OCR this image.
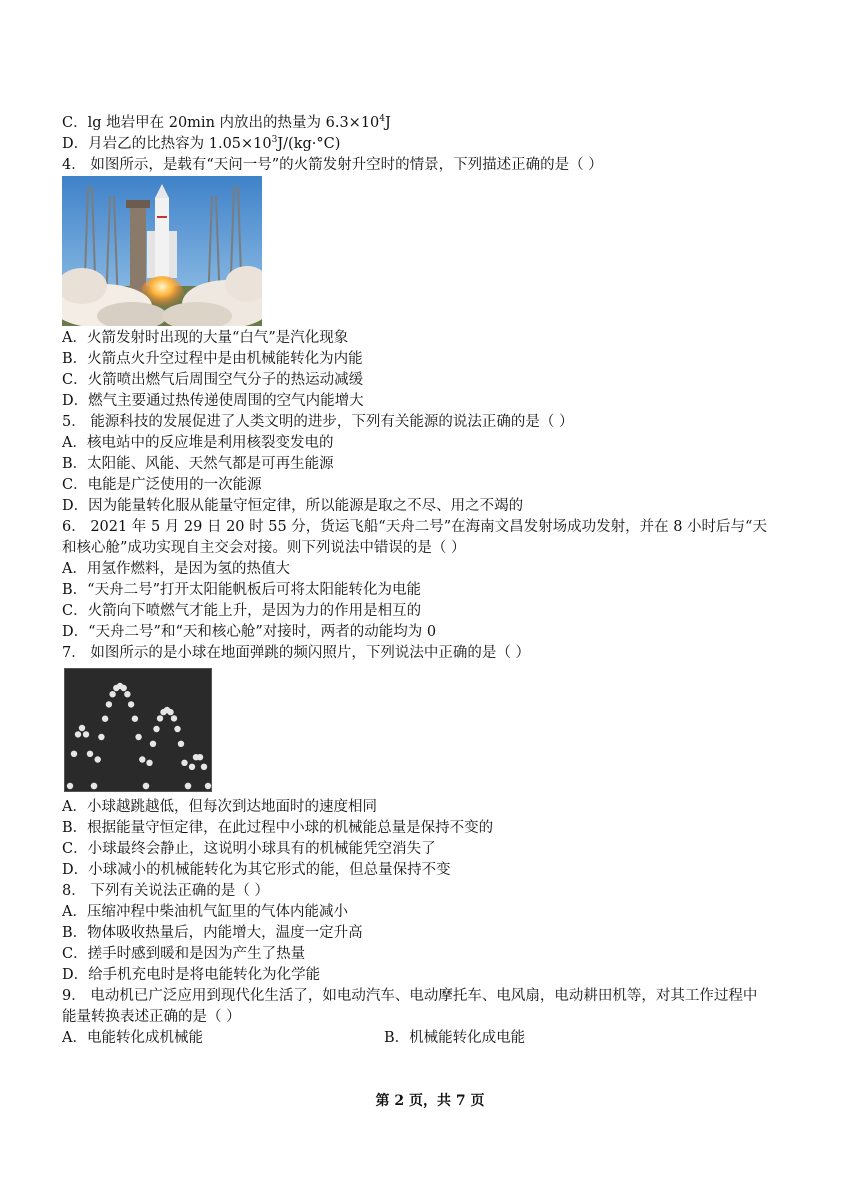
C．lg 地岩甲在 20min 内放出的热量为 $6.3\times 10^4J$
D．月岩乙的比热容为 $1.05\times 10^3J/(kg\cdot^\circ C)$
4． 如图所示，是载有“天问一号”的火箭发射升空时的情景，下列描述正确的是（ ）
A．火箭发射时出现的大量“白气”是汽化现象
B．火箭点火升空过程中是由机械能转化为内能
C．火箭喷出燃气后周围空气分子的热运动减缓
D．燃气主要通过热传递使周围的空气内能增大
5． 能源科技的发展促进了人类文明的进步，下列有关能源的说法正确的是（ ）
A．核电站中的反应堆是利用核裂变发电的
B．太阳能、风能、天然气都是可再生能源
C．电能是广泛使用的一次能源
D．因为能量转化服从能量守恒定律，所以能源是取之不尽、用之不竭的
6． 2021 年 5 月 29 日 20 时 55 分，货运飞船“天舟二号”在海南文昌发射场成功发射，并在 8 小时后与“天
和核心舱”成功实现自主交会对接。则下列说法中错误的是（ ）
A．用氢作燃料，是因为氢的热值大
B．“天舟二号”打开太阳能帆板后可将太阳能转化为电能
C．火箭向下喷燃气才能上升，是因为力的作用是相互的
D．“天舟二号”和“天和核心舱”对接时，两者的动能均为 0
7． 如图所示的是小球在地面弹跳的频闪照片，下列说法中正确的是（ ）
A．小球越跳越低，但每次到达地面时的速度相同
B．根据能量守恒定律，在此过程中小球的机械能总量是保持不变的
C．小球最终会静止，这说明小球具有的机械能凭空消失了
D．小球减小的机械能转化为其它形式的能，但总量保持不变
8． 下列有关说法正确的是（ ）
A．压缩冲程中柴油机气缸里的气体内能减小
B．物体吸收热量后，内能增大，温度一定升高
C．搓手时感到暖和是因为产生了热量
D．给手机充电时是将电能转化为化学能
9． 电动机已广泛应用到现代化生活了，如电动汽车、电动摩托车、电风扇，电动耕田机等，对其工作过程中
能量转换表述正确的是（ ）
A．电能转化成机械能	B．机械能转化成电能
第 2 页，共 7 页
